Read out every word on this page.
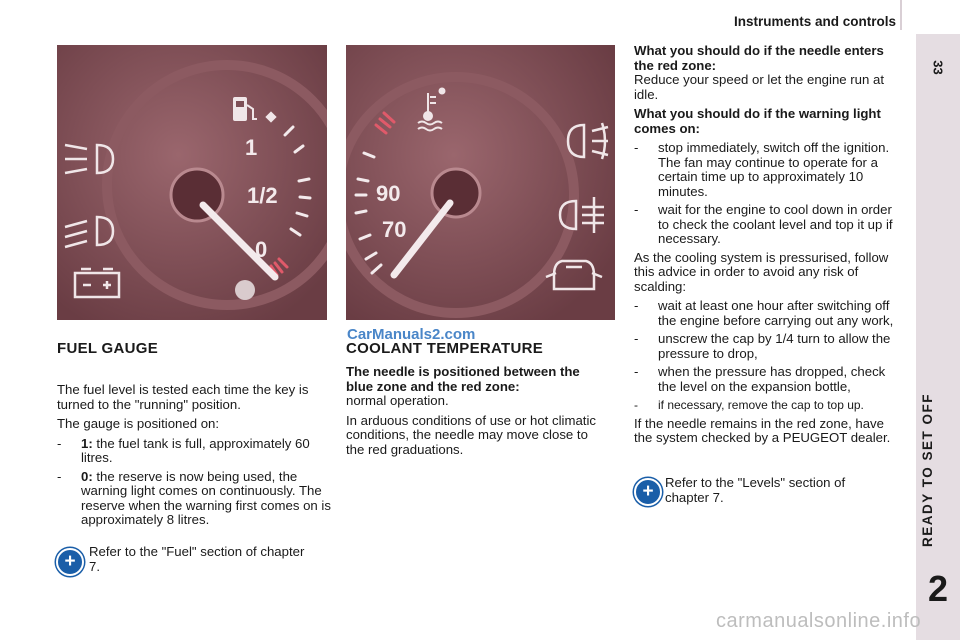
Instruments and controls
33
READY TO SET OFF
2
1
1/2
0
90
70
CarManuals2.com
FUEL GAUGE

The fuel level is tested each time the key is turned to the "running" position.

The gauge is positioned on:

- 1: the fuel tank is full, approximately 60 litres.
- 0: the reserve is now being used, the warning light comes on continuously. The reserve when the warning first comes on is approximately 8 litres.
+	Refer to the "Fuel" section of chapter 7.
COOLANT TEMPERATURE

The needle is positioned between the blue zone and the red zone:

normal operation.

In arduous conditions of use or hot climatic conditions, the needle may move close to the red graduations.

What you should do if the needle enters the red zone:

Reduce your speed or let the engine run at idle.

What you should do if the warning light comes on:

- stop immediately, switch off the ignition. The fan may continue to operate for a certain time up to approximately 10 minutes.
- wait for the engine to cool down in order to check the coolant level and top it up if necessary.

As the cooling system is pressurised, follow this advice in order to avoid any risk of scalding:

- wait at least one hour after switching off the engine before carrying out any work,
- unscrew the cap by 1/4 turn to allow the pressure to drop,
- when the pressure has dropped, check the level on the expansion bottle,
- if necessary, remove the cap to top up.

If the needle remains in the red zone, have the system checked by a PEUGEOT dealer.

+ Refer to the "Levels" section of chapter 7.
carmanualsonline.info
